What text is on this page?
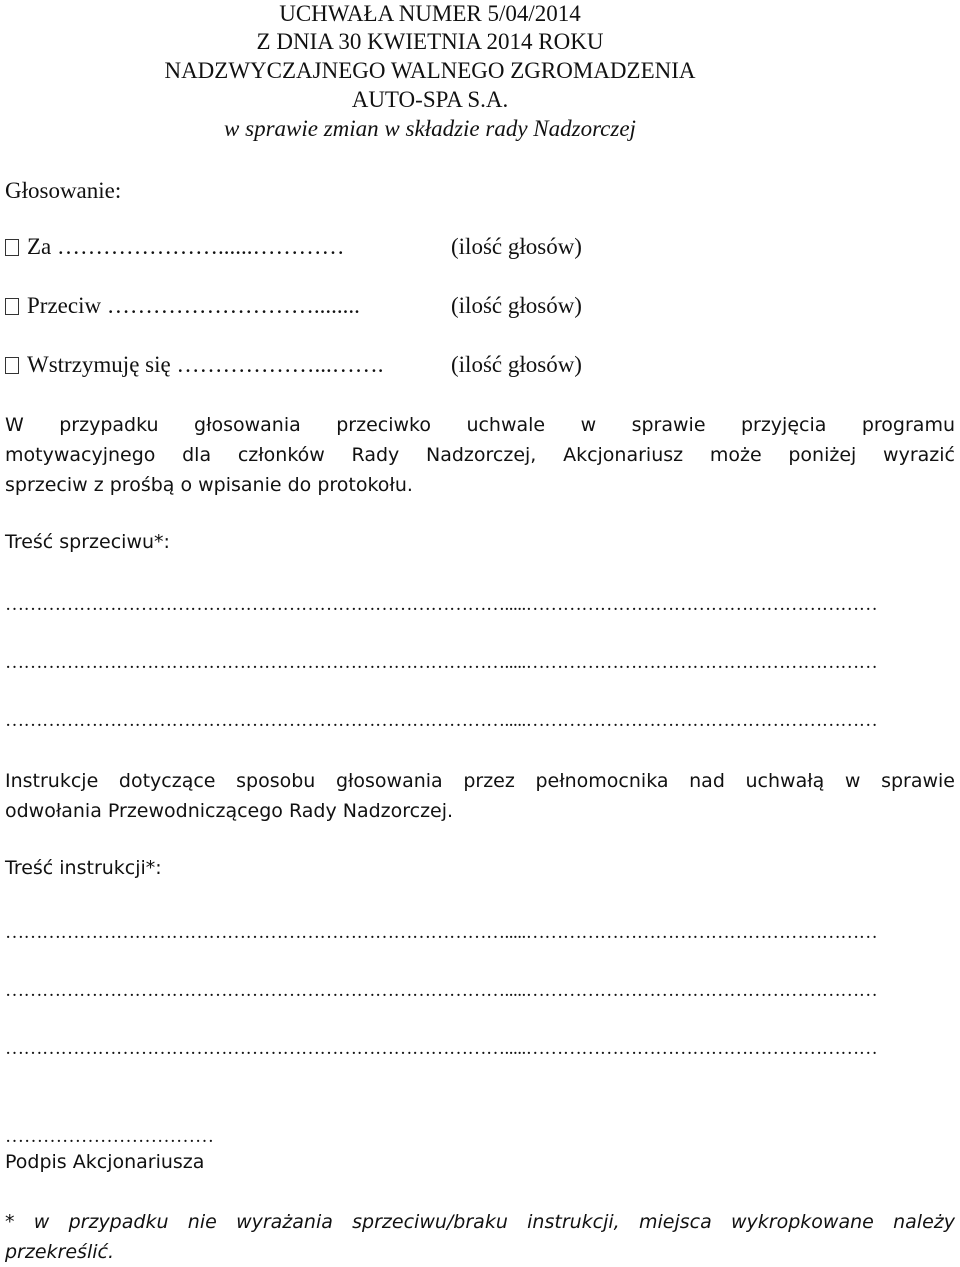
UCHWAŁA NUMER 5/04/2014
Z DNIA 30 KWIETNIA 2014 ROKU
NADZWYCZAJNEGO WALNEGO ZGROMADZENIA
AUTO-SPA S.A.
w sprawie zmian w składzie rady Nadzorczej
Głosowanie:
Za …………………......…………	(ilość głosów)
Przeciw ………………………........	(ilość głosów)
Wstrzymuję się ………………...…….	(ilość głosów)
W przypadku głosowania przeciwko uchwale w sprawie przyjęcia programu
motywacyjnego dla członków Rady Nadzorczej, Akcjonariusz może poniżej wyrazić
sprzeciw z prośbą o wpisanie do protokołu.
Treść sprzeciwu*:
……………………………………………………………………….....…………………………………………………
……………………………………………………………………….....…………………………………………………
……………………………………………………………………….....…………………………………………………
Instrukcje dotyczące sposobu głosowania przez pełnomocnika nad uchwałą w sprawie
odwołania Przewodniczącego Rady Nadzorczej.
Treść instrukcji*:
……………………………………………………………………….....…………………………………………………
……………………………………………………………………….....…………………………………………………
……………………………………………………………………….....…………………………………………………
……………………………
Podpis Akcjonariusza
* w przypadku nie wyrażania sprzeciwu/braku instrukcji, miejsca wykropkowane należy
przekreślić.
